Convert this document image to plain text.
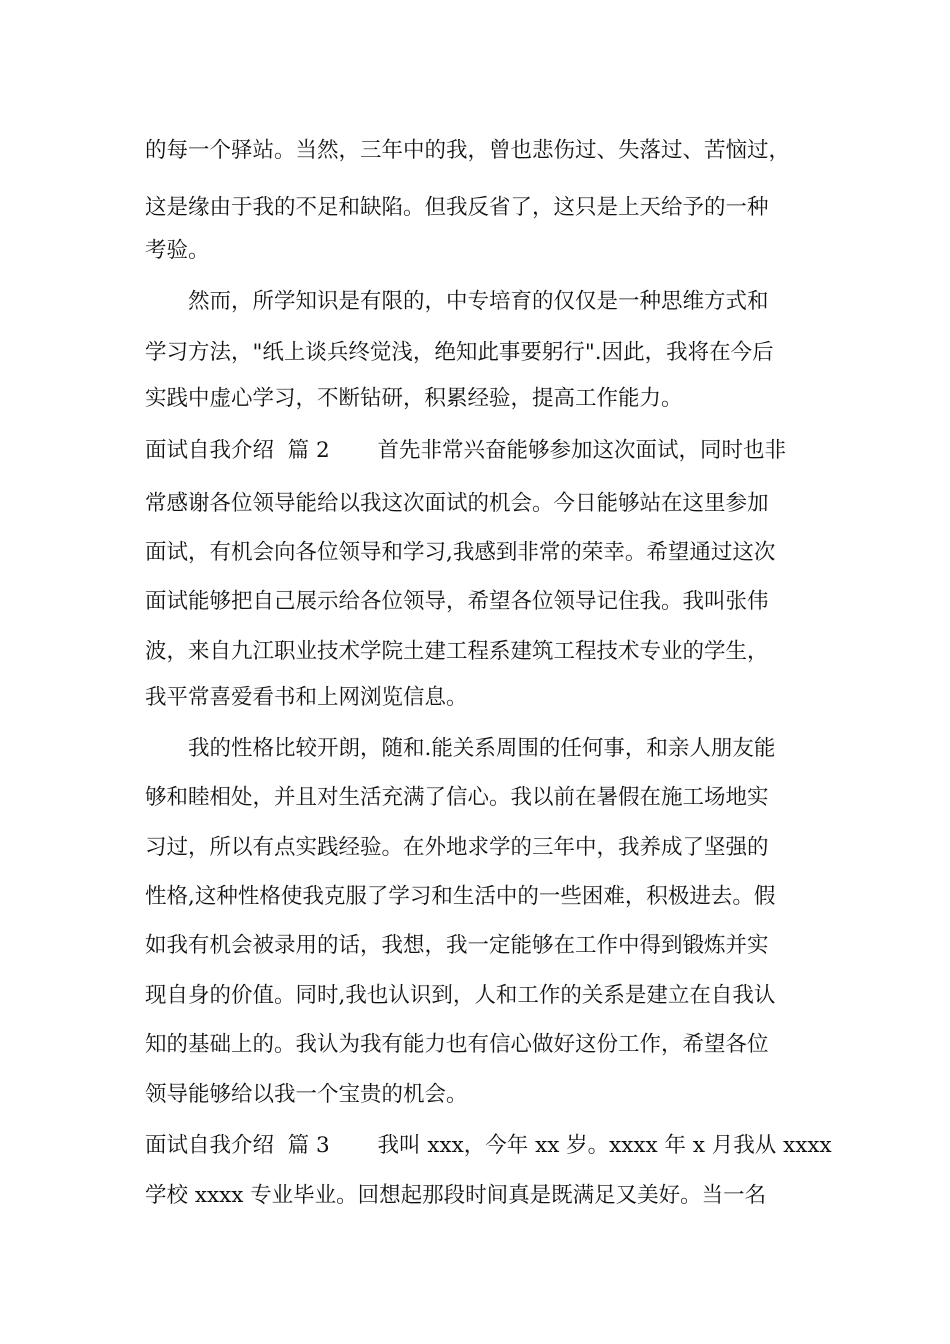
的每一个驿站。当然，三年中的我，曾也悲伤过、失落过、苦恼过，
这是缘由于我的不足和缺陷。但我反省了，这只是上天给予的一种
考验。
然而，所学知识是有限的，中专培育的仅仅是一种思维方式和
学习方法，"纸上谈兵终觉浅，绝知此事要躬行".因此，我将在今后
实践中虚心学习，不断钻研，积累经验，提高工作能力。
面试自我介绍  篇 2       首先非常兴奋能够参加这次面试，同时也非
常感谢各位领导能给以我这次面试的机会。今日能够站在这里参加
面试，有机会向各位领导和学习,我感到非常的荣幸。希望通过这次
面试能够把自己展示给各位领导，希望各位领导记住我。我叫张伟
波，来自九江职业技术学院土建工程系建筑工程技术专业的学生，
我平常喜爱看书和上网浏览信息。
我的性格比较开朗，随和.能关系周围的任何事，和亲人朋友能
够和睦相处，并且对生活充满了信心。我以前在暑假在施工场地实
习过，所以有点实践经验。在外地求学的三年中，我养成了坚强的
性格,这种性格使我克服了学习和生活中的一些困难，积极进去。假
如我有机会被录用的话，我想，我一定能够在工作中得到锻炼并实
现自身的价值。同时,我也认识到，人和工作的关系是建立在自我认
知的基础上的。我认为我有能力也有信心做好这份工作，希望各位
领导能够给以我一个宝贵的机会。
面试自我介绍  篇 3       我叫 xxx，今年 xx 岁。xxxx 年 x 月我从 xxxx
学校 xxxx 专业毕业。回想起那段时间真是既满足又美好。当一名
